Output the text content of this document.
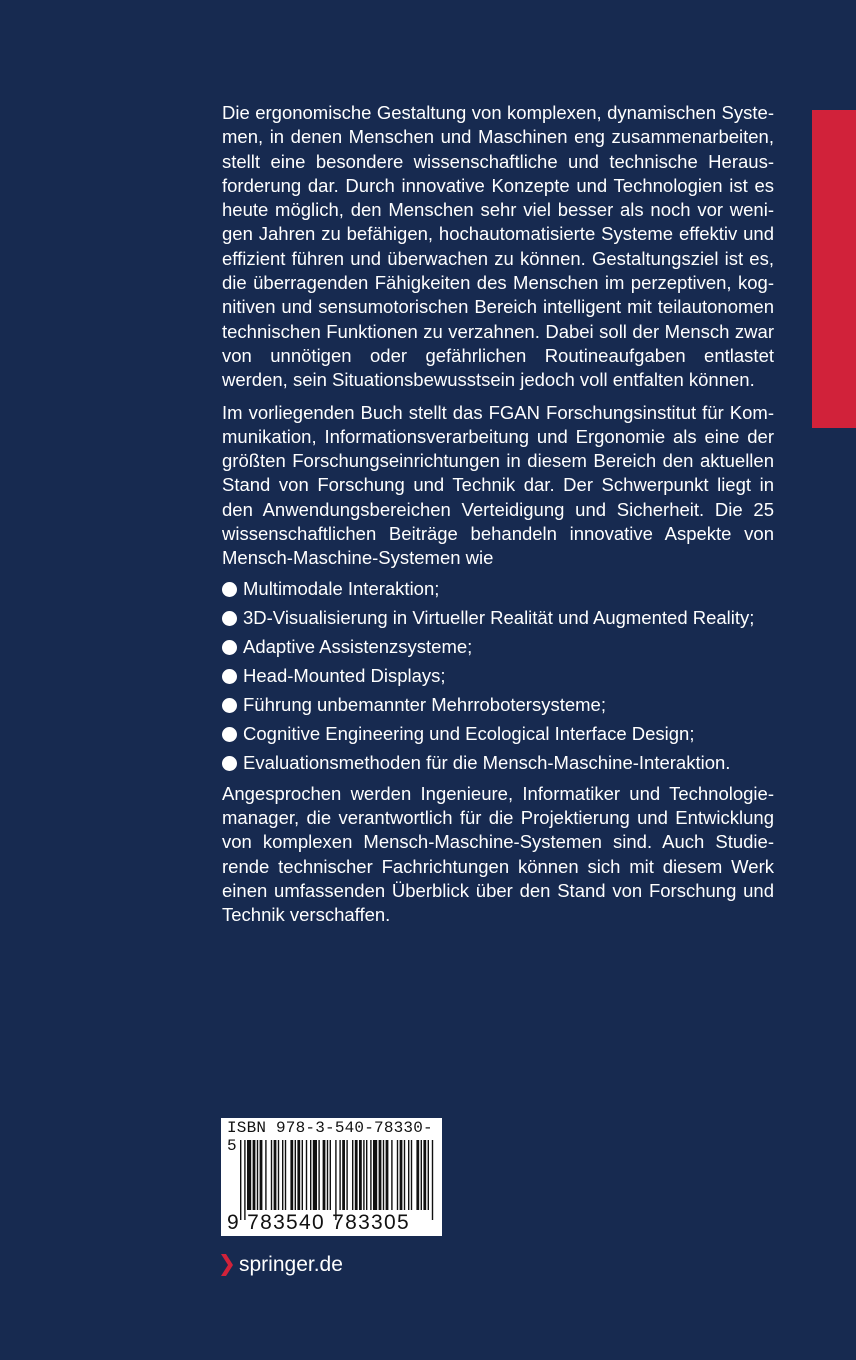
Die ergonomische Gestaltung von komplexen, dynamischen Systemen, in denen Menschen und Maschinen eng zusammenarbeiten, stellt eine besondere wissenschaftliche und technische Herausforderung dar. Durch innovative Konzepte und Technologien ist es heute möglich, den Menschen sehr viel besser als noch vor wenigen Jahren zu befähigen, hochautomatisierte Systeme effektiv und effizient führen und überwachen zu können. Gestaltungsziel ist es, die überragenden Fähigkeiten des Menschen im perzeptiven, kognitiven und sensumotorischen Bereich intelligent mit teilautonomen technischen Funktionen zu verzahnen. Dabei soll der Mensch zwar von unnötigen oder gefährlichen Routineaufgaben entlastet werden, sein Situationsbewusstsein jedoch voll entfalten können.

Im vorliegenden Buch stellt das FGAN Forschungsinstitut für Kommunikation, Informationsverarbeitung und Ergonomie als eine der größten Forschungseinrichtungen in diesem Bereich den aktuellen Stand von Forschung und Technik dar. Der Schwerpunkt liegt in den Anwendungsbereichen Verteidigung und Sicherheit. Die 25 wissenschaftlichen Beiträge behandeln innovative Aspekte von Mensch-Maschine-Systemen wie

Multimodale Interaktion;
3D-Visualisierung in Virtueller Realität und Augmented Reality;
Adaptive Assistenzsysteme;
Head-Mounted Displays;
Führung unbemannter Mehrrobotersysteme;
Cognitive Engineering und Ecological Interface Design;
Evaluationsmethoden für die Mensch-Maschine-Interaktion.

Angesprochen werden Ingenieure, Informatiker und Technologiemanager, die verantwortlich für die Projektierung und Entwicklung von komplexen Mensch-Maschine-Systemen sind. Auch Studierende technischer Fachrichtungen können sich mit diesem Werk einen umfassenden Überblick über den Stand von Forschung und Technik verschaffen.

ISBN 978-3-540-78330-5
9 783540 783305
springer.de
